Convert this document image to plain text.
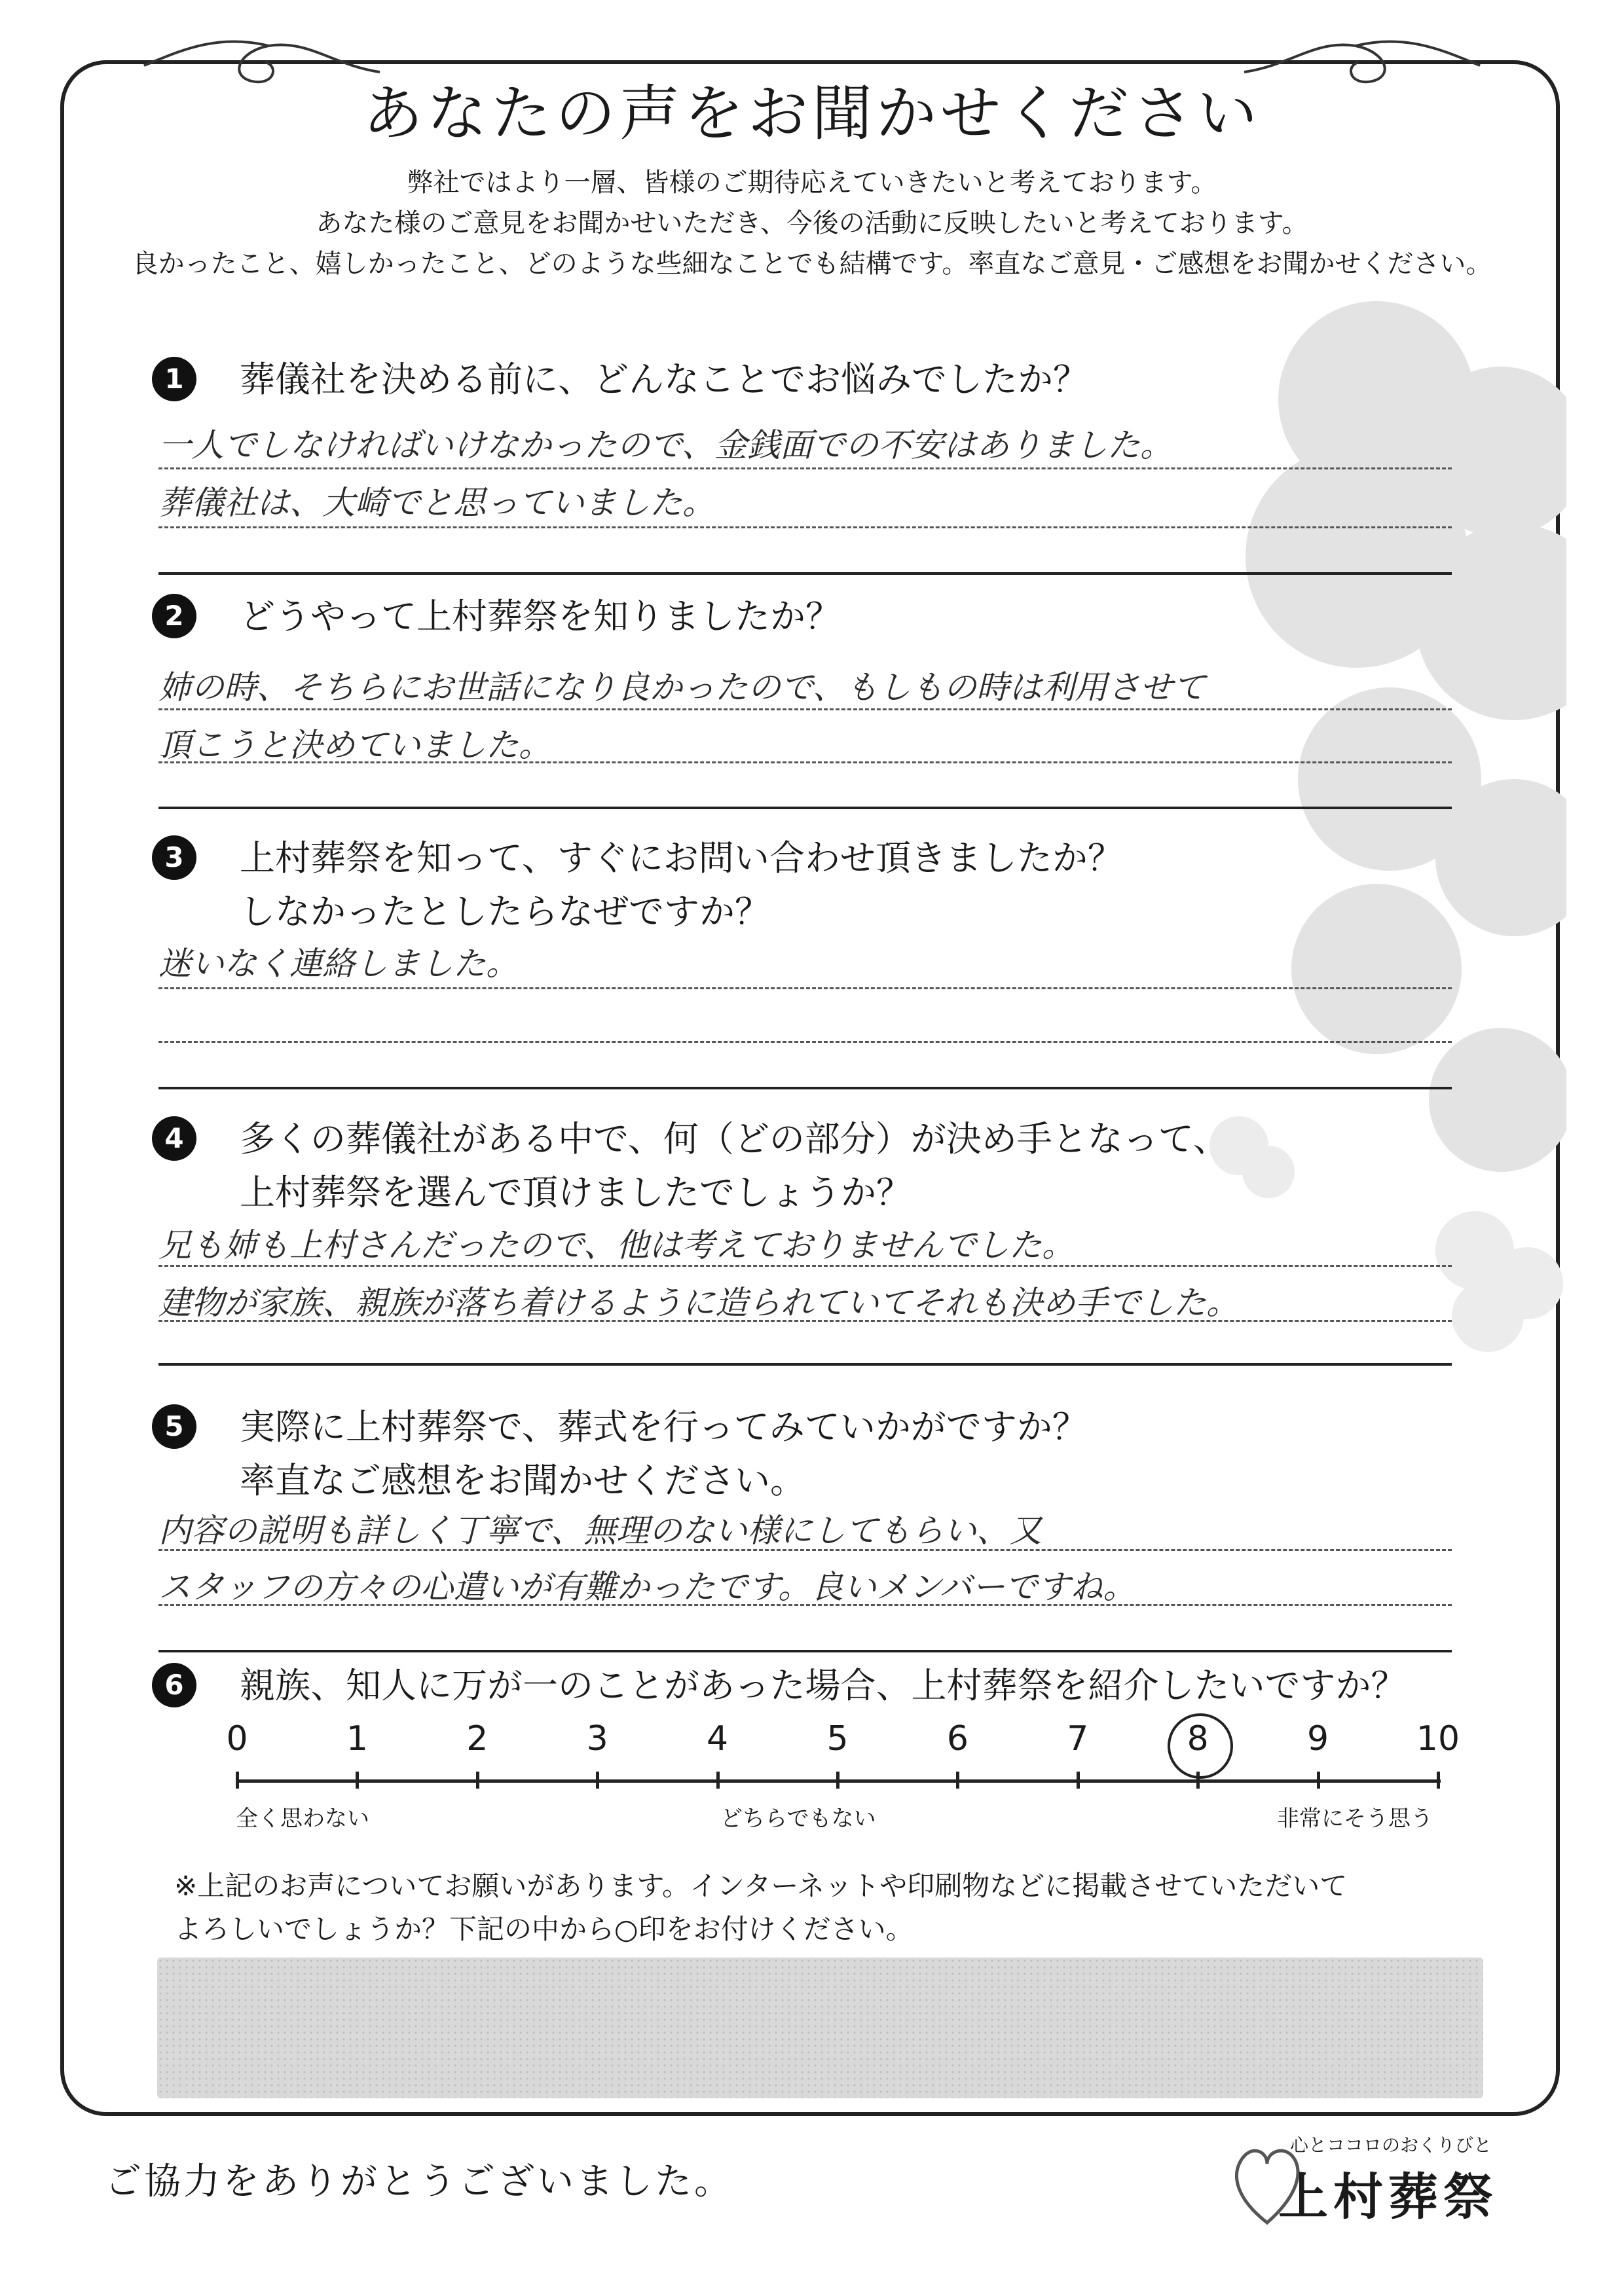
あなたの声をお聞かせください
弊社ではより一層、皆様のご期待応えていきたいと考えております。
あなた様のご意見をお聞かせいただき、今後の活動に反映したいと考えております。
良かったこと、嬉しかったこと、どのような些細なことでも結構です。率直なご意見・ご感想をお聞かせください。
1	葬儀社を決める前に、どんなことでお悩みでしたか？
一人でしなければいけなかったので、金銭面での不安はありました。
葬儀社は、大崎でと思っていました。
2	どうやって上村葬祭を知りましたか？
姉の時、そちらにお世話になり良かったので、もしもの時は利用させて
頂こうと決めていました。
3	上村葬祭を知って、すぐにお問い合わせ頂きましたか？
しなかったとしたらなぜですか？
迷いなく連絡しました。
4	多くの葬儀社がある中で、何（どの部分）が決め手となって、
上村葬祭を選んで頂けましたでしょうか？
兄も姉も上村さんだったので、他は考えておりませんでした。
建物が家族、親族が落ち着けるように造られていてそれも決め手でした。
5	実際に上村葬祭で、葬式を行ってみていかがですか？
率直なご感想をお聞かせください。
内容の説明も詳しく丁寧で、無理のない様にしてもらい、又
スタッフの方々の心遣いが有難かったです。良いメンバーですね。
6	親族、知人に万が一のことがあった場合、上村葬祭を紹介したいですか？
0	1	2	3	4	5	6	7	8	9	10
全く思わない	どちらでもない	非常にそう思う
※上記のお声についてお願いがあります。インターネットや印刷物などに掲載させていただいて
よろしいでしょうか？下記の中から○印をお付けください。
ご協力をありがとうございました。
心とココロのおくりびと
上村葬祭
